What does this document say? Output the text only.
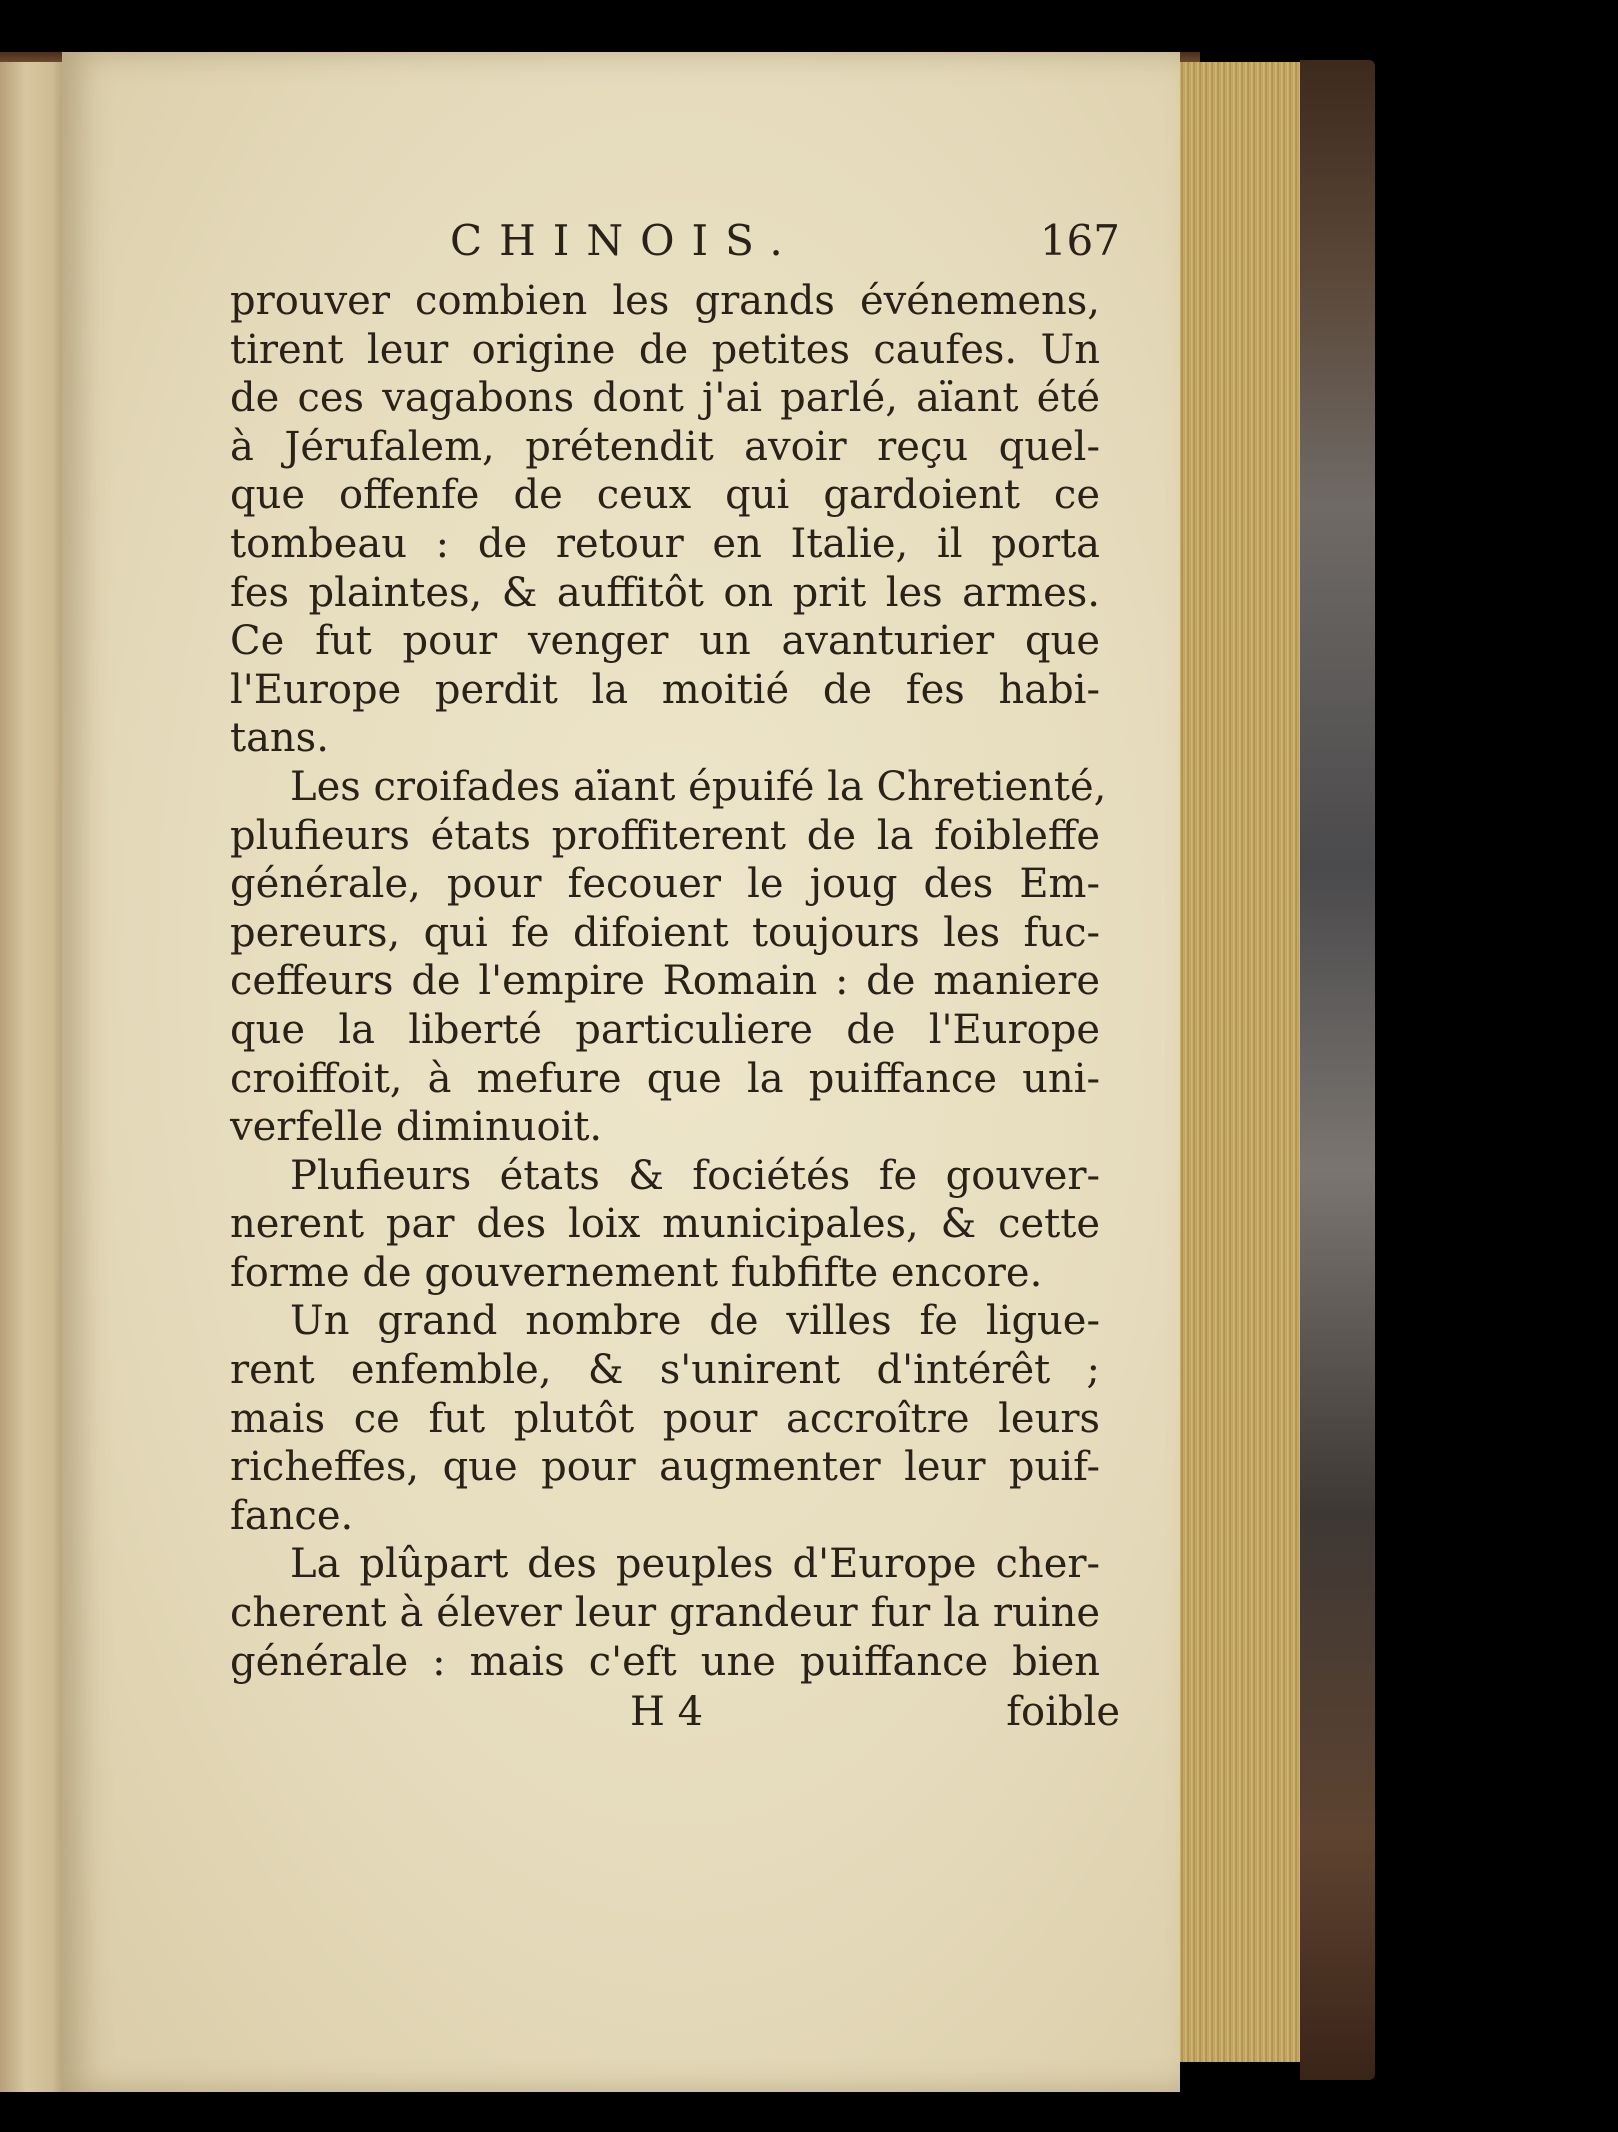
CHINOIS.	167
prouver combien les grands événemens,
tirent leur origine de petites caufes. Un
de ces vagabons dont j'ai parlé, aïant été
à Jérufalem, prétendit avoir reçu quel-
que offenfe de ceux qui gardoient ce
tombeau : de retour en Italie, il porta
fes plaintes, & auffitôt on prit les armes.
Ce fut pour venger un avanturier que
l'Europe perdit la moitié de fes habi-
tans.
Les croifades aïant épuifé la Chretienté,
plufieurs états proffiterent de la foibleffe
générale, pour fecouer le joug des Em-
pereurs, qui fe difoient toujours les fuc-
ceffeurs de l'empire Romain : de maniere
que la liberté particuliere de l'Europe
croiffoit, à mefure que la puiffance uni-
verfelle diminuoit.
Plufieurs états & fociétés fe gouver-
nerent par des loix municipales, & cette
forme de gouvernement fubfifte encore.
Un grand nombre de villes fe ligue-
rent enfemble, & s'unirent d'intérêt ;
mais ce fut plutôt pour accroître leurs
richeffes, que pour augmenter leur puif-
fance.
La plûpart des peuples d'Europe cher-
cherent à élever leur grandeur fur la ruine
générale : mais c'eft une puiffance bien
H 4	foible
